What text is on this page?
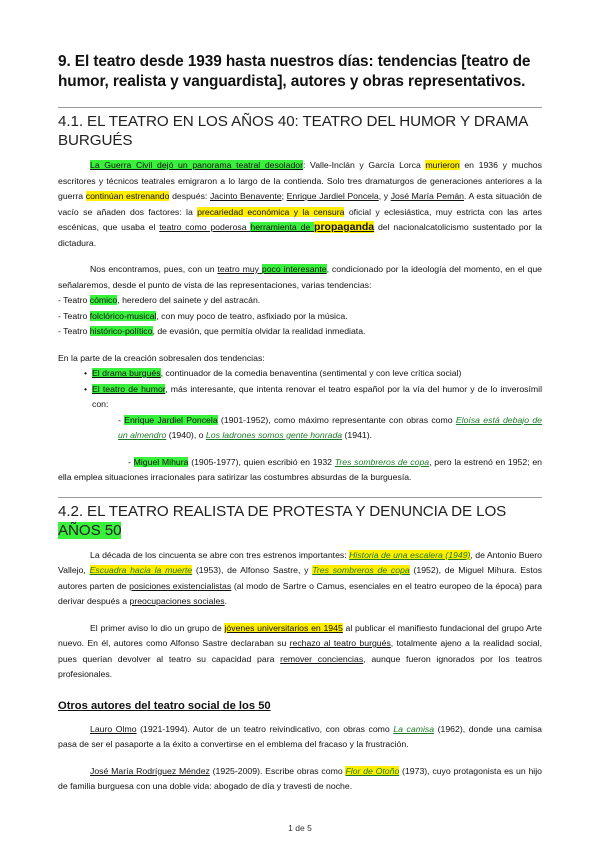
9. El teatro desde 1939 hasta nuestros días: tendencias [teatro de humor, realista y vanguardista], autores y obras representativos.
4.1. EL TEATRO EN LOS AÑOS 40: TEATRO DEL HUMOR Y DRAMA BURGUÉS

La Guerra Civil dejó un panorama teatral desolador: Valle-Inclán y García Lorca murieron en 1936 y muchos escritores y técnicos teatrales emigraron a lo largo de la contienda. Solo tres dramaturgos de generaciones anteriores a la guerra continúan estrenando después: Jacinto Benavente; Enrique Jardiel Poncela, y José María Pemán. A esta situación de vacío se añaden dos factores: la precariedad económica y la censura oficial y eclesiástica, muy estricta con las artes escénicas, que usaba el teatro como poderosa herramienta de propaganda del nacionalcatolicismo sustentado por la dictadura.

Nos encontramos, pues, con un teatro muy poco interesante, condicionado por la ideología del momento, en el que señalaremos, desde el punto de vista de las representaciones, varias tendencias:

- Teatro cómico, heredero del sainete y del astracán.

- Teatro folclórico-musical, con muy poco de teatro, asfixiado por la música.

- Teatro histórico-político, de evasión, que permitía olvidar la realidad inmediata.

En la parte de la creación sobresalen dos tendencias:

• El drama burgués, continuador de la comedia benaventina (sentimental y con leve crítica social)

• El teatro de humor, más interesante, que intenta renovar el teatro español por la vía del humor y de lo inverosímil con:

- Enrique Jardiel Poncela (1901-1952), como máximo representante con obras como Eloísa está debajo de un almendro (1940), o Los ladrones somos gente honrada (1941).

- Miguel Mihura (1905-1977), quien escribió en 1932 Tres sombreros de copa, pero la estrenó en 1952; en ella emplea situaciones irracionales para satirizar las costumbres absurdas de la burguesía.

4.2. EL TEATRO REALISTA DE PROTESTA Y DENUNCIA DE LOS AÑOS 50

La década de los cincuenta se abre con tres estrenos importantes: Historia de una escalera (1949), de Antonio Buero Vallejo, Escuadra hacia la muerte (1953), de Alfonso Sastre, y Tres sombreros de copa (1952), de Miguel Mihura. Estos autores parten de posiciones existencialistas (al modo de Sartre o Camus, esenciales en el teatro europeo de la época) para derivar después a preocupaciones sociales.

El primer aviso lo dio un grupo de jóvenes universitarios en 1945 al publicar el manifiesto fundacional del grupo Arte nuevo. En él, autores como Alfonso Sastre declaraban su rechazo al teatro burgués, totalmente ajeno a la realidad social, pues querían devolver al teatro su capacidad para remover conciencias, aunque fueron ignorados por los teatros profesionales.

Otros autores del teatro social de los 50

Lauro Olmo (1921-1994). Autor de un teatro reivindicativo, con obras como La camisa (1962), donde una camisa pasa de ser el pasaporte a la éxito a convertirse en el emblema del fracaso y la frustración.

José María Rodríguez Méndez (1925-2009). Escribe obras como Flor de Otoño (1973), cuyo protagonista es un hijo de familia burguesa con una doble vida: abogado de día y travesti de noche.

1 de 5
